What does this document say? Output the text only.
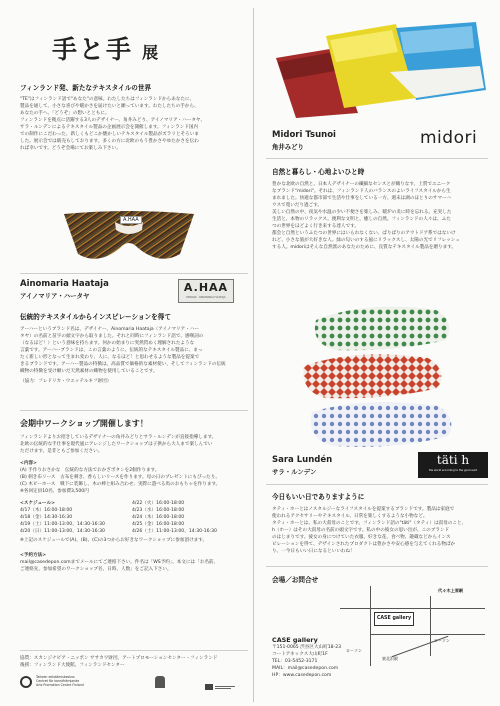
手と手 展
フィンランド発、新たなテキスタイルの世界
"TE"はフィンランド語で"あなた"の意味。わたしたちはフィンランドからあなたに、
製品を通して、小さな喜びや暖かさを届けたいと願っています。わたしたちの手から、
あなたの手へ、「どうぞ」の想いとともに。
フィンランドを拠点に活躍する3人のデザイナー、角井みどり、アイノマリア・ハータヤ、
サラ・ルンデンによるテキスタイル製品の企画展示会を開催します。フィンランド国内
での制作にこだわった、新しくもどこか懐かしいテキスタイル製品がズラリとそろいま
した。展示会では販売もしております。多くの方に北欧のもう豊かさやゆたかさを伝わ
れば幸いです。どうぞ会場にてお楽しみ下さい。
A.HAA
Ainomaria Haataja
アイノマリア・ハータヤ
A.HAA
DESIGN · AINOMARIA HAATAJA
伝統的テキスタイルからインスピレーションを得て
アーハーというブランド名は、デザイナー、Ainomaria Haataja（アイノマリア・ハー
タヤ）の名前と苗字の頭文字から取りました。それと同時にフィンランド語で、感嘆詞の
（なるほど！）という意味を持ちます。何かの始まりに突然閃めく理解されたような
言葉です。アーハーブランドは、この言葉のように、伝統的なテキスタイル製品に、まっ
たく新しい形となって生まれ変わり、人に、なるほど！と思わせるような製品を提案で
きるブランドです。アーハー製品の特徴は、高品質で価格的な素材使い、そしてフィンランドの伝統
織物の特徴を受け継いだ天然素材の織物を使用していることです。
（協力：フレドリカ・ウエッテルキフ財団）
会期中ワークショップ開催します！
フィンランドよりお招きしているデザイナーの角井みどりとサラ・ルンデンが直接指導します。
北欧の伝統的な手仕事を現代風にアレンジしたワークショップは子供から大人まで楽しんでい
ただけます。是非ともご参加ください。
<内容>
(A) 手作りおさかな　伝統的な方法でおかざボタンを2個作ります。
(B) 刺き布リース　古布を刺き、香らしいリースを作ります。母の日のプレゼントにもぴったり。
(C) 木ビーホース　戦下に装飾し、木の棒と組み合わせ、実際に遊べる馬のおもちゃを作ります。
※各回定員10名、参加費3,500円
<スケジュール>
4/17（木）16:00-18:00
4/18（金）14:30-16:30
4/19（土）11:00-13:00、14:30-16:30
4/20（日）11:00-13:00、14:30-16:30
4/22（火）16:00-18:00
4/23（水）16:00-18:00
4/24（木）16:00-18:00
4/25（金）16:00-18:00
4/26（土）11:00-13:00、14:30-16:30
※上記のスケジュールで(A)、(B)、(C)の3つからお好きなワークショップに参加頂けます。
<予約方法>
mail@casedepon.comまでメールにてご連絡下さい。件名は「WS予約」、本文には「お名前、
ご連絡先、参加希望のワークショップ名、日時、人数」をご記入下さい。
協賛：スカンジナビア・ニッポン ササカワ財団、アートプロモーションセンター・フィンランド
後援：フィンランド大使館、フィンランドセンター
Taiteen edistämiskeskus
Centret för konstfrämjande
Arts Promotion Centre Finland
Midori Tsunoi
角井みどり	midori
自然と暮らし・心地よいひと時
豊かな北欧の自然と、日本人デザイナーの繊細なセンスとが織りなす、上質でユニーク
なブランド"midori"。それは、フィンランド人のバランスのよいライフスタイルから生
まれました。快適な都市部で生活や仕事をしている一方、週末は湖のほとりのサマーハ
ウスで寛いだり過ごす。
美しい自然の中、夜気や水温の少い不便さを楽しみ、暖炉の炎に時を忘れる。充実した
生活と、本物のリラックス。便利な文明と、癒しの自然。フィンランドの人々は、ふた
つの世界をほどよく行き来する達人です。
都会と自然というふたつの世界にはいられなくない。ばりばりのアウトドア系ではないけ
れど、小さな旅が大好きな人。緑の匂いのする風にリラックスし、太陽の光でリフレッシュ
する人。midoriはそんな自然派のあなたのために、良質なテキスタイル製品を贈ります。
Sara Lundén
サラ・ルンデン
täti h
the world according to the good aunt
今日もいい日でありますように
タティ・ホーとはノスタルジーなライフスタイルを提案するブランドです。製品は家庭で
使われるアクセサリーやテキスタイル、日常を楽しくするような小物など。
タティ・ホーとは、私の大叔母のことです。フィンランド語の"täti"（タティ）は叔母のこと、
h（ホー）はその大叔母の名前の頭文字です。私の中の彼女の思い出が、このブランド
のはじまりです。彼女の身につけていた衣服、好きな花、食べ物、趣蔵などからインス
ピレーションを得て、デザインされたプロダクトは豊かさや安心感を与えてくれる物ばか
り。一今日もいい日になるといいわね！
会場／お問合せ
CASE gallery
代々木上原駅
ローソン
ローソン
東北沢駅
CASE gallery
〒151-0065 渋谷区大山町18-23
コートアネックス大山町1F
TEL：03-5452-3171
MAIL：mail@casedepon.com
HP：www.casedepon.com
